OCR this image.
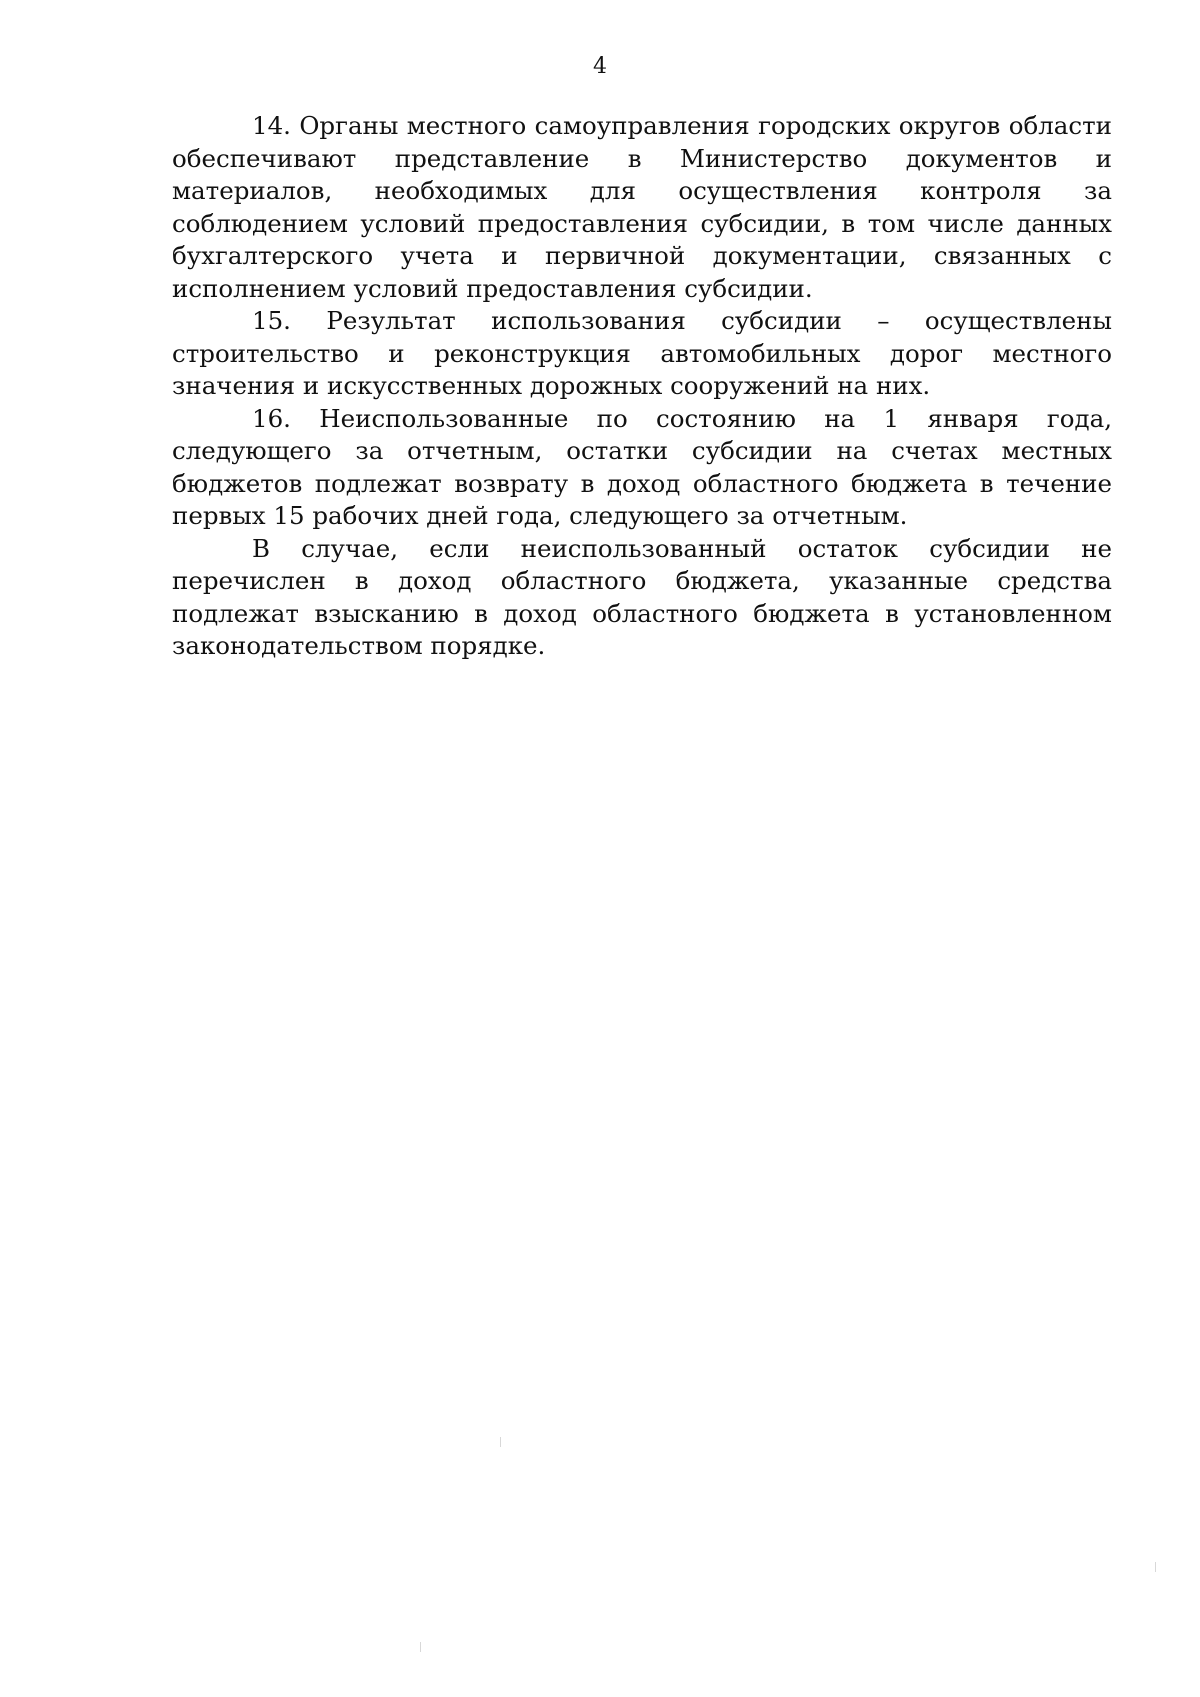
4

14. Органы местного самоуправления городских округов области обеспечивают представление в Министерство документов и материалов, необходимых для осуществления контроля за соблюдением условий предоставления субсидии, в том числе данных бухгалтерского учета и первичной документации, связанных с исполнением условий предоставления субсидии.

15. Результат использования субсидии – осуществлены строительство и реконструкция автомобильных дорог местного значения и искусственных дорожных сооружений на них.

16. Неиспользованные по состоянию на 1 января года, следующего за отчетным, остатки субсидии на счетах местных бюджетов подлежат возврату в доход областного бюджета в течение первых 15 рабочих дней года, следующего за отчетным.

В случае, если неиспользованный остаток субсидии не перечислен в доход областного бюджета, указанные средства подлежат взысканию в доход областного бюджета в установленном законодательством порядке.
